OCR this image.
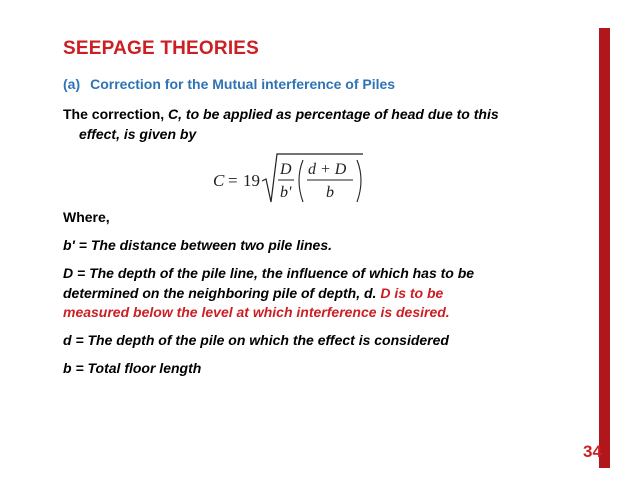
SEEPAGE THEORIES
(a) Correction for the Mutual interference of Piles
The correction, C, to be applied as percentage of head due to this
effect, is given by
C = 19
D
b'
d + D
b
Where,
b' = The distance between two pile lines.
D = The depth of the pile line, the influence of which has to be
determined on the neighboring pile of depth, d. D is to be
measured below the level at which interference is desired.
d = The depth of the pile on which the effect is considered
b = Total floor length
34
